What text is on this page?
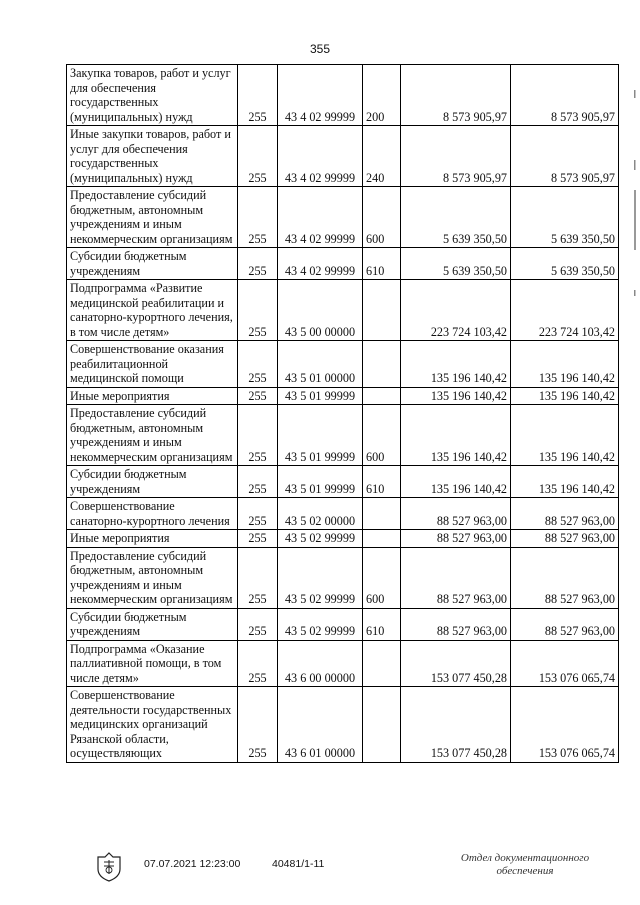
355
Закупка товаров, работ и услуг для обеспечения государственных (муниципальных) нужд	255	43 4 02 99999	200	8 573 905,97	8 573 905,97
Иные закупки товаров, работ и услуг для обеспечения государственных (муниципальных) нужд	255	43 4 02 99999	240	8 573 905,97	8 573 905,97
Предоставление субсидий бюджетным, автономным учреждениям и иным некоммерческим организациям	255	43 4 02 99999	600	5 639 350,50	5 639 350,50
Субсидии бюджетным учреждениям	255	43 4 02 99999	610	5 639 350,50	5 639 350,50
Подпрограмма «Развитие медицинской реабилитации и санаторно-курортного лечения, в том числе детям»	255	43 5 00 00000		223 724 103,42	223 724 103,42
Совершенствование оказания реабилитационной медицинской помощи	255	43 5 01 00000		135 196 140,42	135 196 140,42
Иные мероприятия	255	43 5 01 99999		135 196 140,42	135 196 140,42
Предоставление субсидий бюджетным, автономным учреждениям и иным некоммерческим организациям	255	43 5 01 99999	600	135 196 140,42	135 196 140,42
Субсидии бюджетным учреждениям	255	43 5 01 99999	610	135 196 140,42	135 196 140,42
Совершенствование санаторно-курортного лечения	255	43 5 02 00000		88 527 963,00	88 527 963,00
Иные мероприятия	255	43 5 02 99999		88 527 963,00	88 527 963,00
Предоставление субсидий бюджетным, автономным учреждениям и иным некоммерческим организациям	255	43 5 02 99999	600	88 527 963,00	88 527 963,00
Субсидии бюджетным учреждениям	255	43 5 02 99999	610	88 527 963,00	88 527 963,00
Подпрограмма «Оказание паллиативной помощи, в том числе детям»	255	43 6 00 00000		153 077 450,28	153 076 065,74
Совершенствование деятельности государственных медицинских организаций Рязанской области, осуществляющих	255	43 6 01 00000		153 077 450,28	153 076 065,74
07.07.2021 12:23:00	40481/1-11	Отдел документационного
обеспечения
